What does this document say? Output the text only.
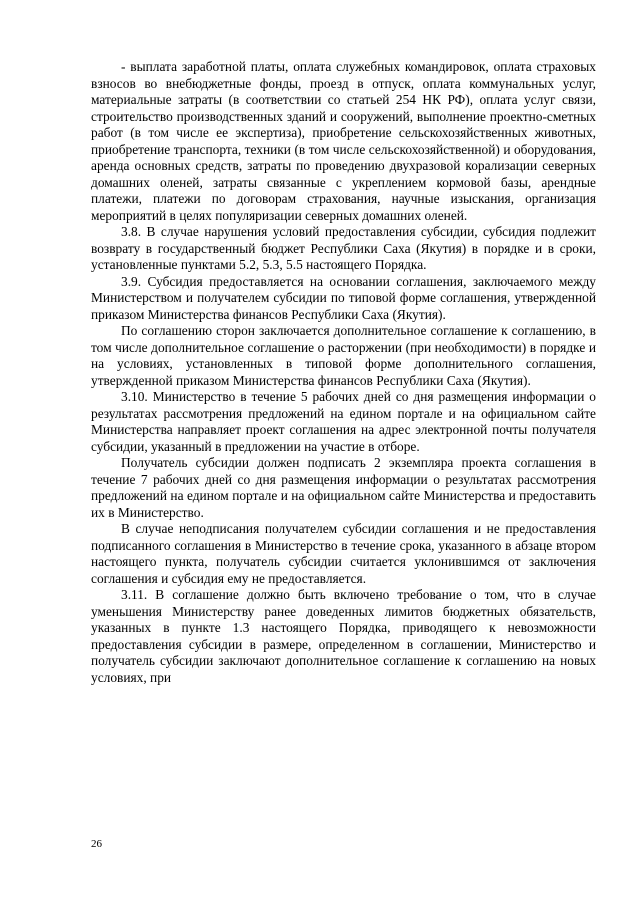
- выплата заработной платы, оплата служебных командировок, оплата страховых взносов во внебюджетные фонды, проезд в отпуск, оплата коммунальных услуг, материальные затраты (в соответствии со статьей 254 НК РФ), оплата услуг связи, строительство производственных зданий и сооружений, выполнение проектно-сметных работ (в том числе ее экспертиза), приобретение сельскохозяйственных животных, приобретение транспорта, техники (в том числе сельскохозяйственной) и оборудования, аренда основных средств, затраты по проведению двухразовой корализации северных домашних оленей, затраты связанные с укреплением кормовой базы, арендные платежи, платежи по договорам страхования, научные изыскания, организация мероприятий в целях популяризации северных домашних оленей.

3.8. В случае нарушения условий предоставления субсидии, субсидия подлежит возврату в государственный бюджет Республики Саха (Якутия) в порядке и в сроки, установленные пунктами 5.2, 5.3, 5.5 настоящего Порядка.

3.9. Субсидия предоставляется на основании соглашения, заключаемого между Министерством и получателем субсидии по типовой форме соглашения, утвержденной приказом Министерства финансов Республики Саха (Якутия).

По соглашению сторон заключается дополнительное соглашение к соглашению, в том числе дополнительное соглашение о расторжении (при необходимости) в порядке и на условиях, установленных в типовой форме дополнительного соглашения, утвержденной приказом Министерства финансов Республики Саха (Якутия).

3.10. Министерство в течение 5 рабочих дней со дня размещения информации о результатах рассмотрения предложений на едином портале и на официальном сайте Министерства направляет проект соглашения на адрес электронной почты получателя субсидии, указанный в предложении на участие в отборе.

Получатель субсидии должен подписать 2 экземпляра проекта соглашения в течение 7 рабочих дней со дня размещения информации о результатах рассмотрения предложений на едином портале и на официальном сайте Министерства и предоставить их в Министерство.

В случае неподписания получателем субсидии соглашения и не предоставления подписанного соглашения в Министерство в течение срока, указанного в абзаце втором настоящего пункта, получатель субсидии считается уклонившимся от заключения соглашения и субсидия ему не предоставляется.

3.11. В соглашение должно быть включено требование о том, что в случае уменьшения Министерству ранее доведенных лимитов бюджетных обязательств, указанных в пункте 1.3 настоящего Порядка, приводящего к невозможности предоставления субсидии в размере, определенном в соглашении, Министерство и получатель субсидии заключают дополнительное соглашение к соглашению на новых условиях, при

26
